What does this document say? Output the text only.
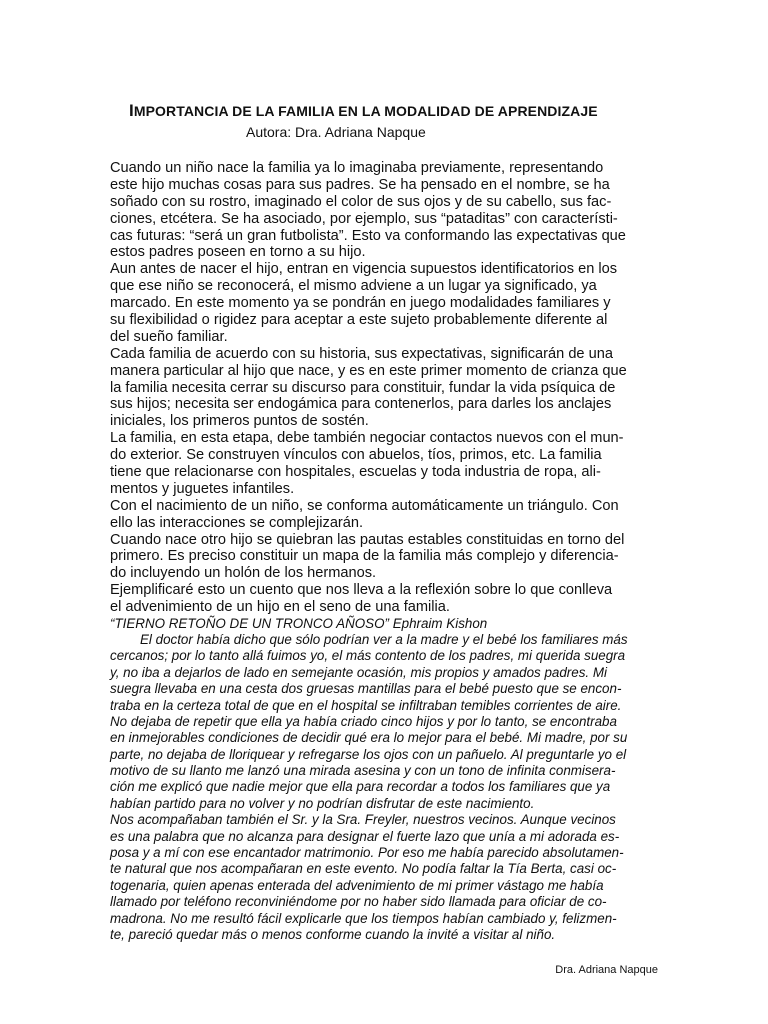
IMPORTANCIA DE LA FAMILIA EN LA MODALIDAD DE APRENDIZAJE
Autora: Dra. Adriana Napque
Cuando un niño nace la familia ya lo imaginaba previamente, representando
este hijo muchas cosas para sus padres. Se ha pensado en el nombre, se ha
soñado con su rostro, imaginado el color de sus ojos y de su cabello, sus fac-
ciones, etcétera. Se ha asociado, por ejemplo, sus “pataditas” con característi-
cas futuras: “será un gran futbolista”. Esto va conformando las expectativas que
estos padres poseen en torno a su hijo.
Aun antes de nacer el hijo, entran en vigencia supuestos identificatorios en los
que ese niño se reconocerá, el mismo adviene a un lugar ya significado, ya
marcado. En este momento ya se pondrán en juego modalidades familiares y
su flexibilidad o rigidez para aceptar a este sujeto probablemente diferente al
del sueño familiar.
Cada familia de acuerdo con su historia, sus expectativas, significarán de una
manera particular al hijo que nace, y es en este primer momento de crianza que
la familia necesita cerrar su discurso para constituir, fundar la vida psíquica de
sus hijos; necesita ser endogámica para contenerlos, para darles los anclajes
iniciales, los primeros puntos de sostén.
La familia, en esta etapa, debe también negociar contactos nuevos con el mun-
do exterior. Se construyen vínculos con abuelos, tíos, primos, etc. La familia
tiene que relacionarse con hospitales, escuelas y toda industria de ropa, ali-
mentos y juguetes infantiles.
Con el nacimiento de un niño, se conforma automáticamente un triángulo. Con
ello las interacciones se complejizarán.
Cuando nace otro hijo se quiebran las pautas estables constituidas en torno del
primero. Es preciso constituir un mapa de la familia más complejo y diferencia-
do incluyendo un holón de los hermanos.
Ejemplificaré esto un cuento que nos lleva a la reflexión sobre lo que conlleva
el advenimiento de un hijo en el seno de una familia.
“TIERNO RETOÑO DE UN TRONCO AÑOSO” Ephraim Kishon
El doctor había dicho que sólo podrían ver a la madre y el bebé los familiares más
cercanos; por lo tanto allá fuimos yo, el más contento de los padres, mi querida suegra
y, no iba a dejarlos de lado en semejante ocasión, mis propios y amados padres. Mi
suegra llevaba en una cesta dos gruesas mantillas para el bebé puesto que se encon-
traba en la certeza total de que en el hospital se infiltraban temibles corrientes de aire.
No dejaba de repetir que ella ya había criado cinco hijos y por lo tanto, se encontraba
en inmejorables condiciones de decidir qué era lo mejor para el bebé. Mi madre, por su
parte, no dejaba de lloriquear y refregarse los ojos con un pañuelo. Al preguntarle yo el
motivo de su llanto me lanzó una mirada asesina y con un tono de infinita conmisera-
ción me explicó que nadie mejor que ella para recordar a todos los familiares que ya
habían partido para no volver y no podrían disfrutar de este nacimiento.
Nos acompañaban también el Sr. y la Sra. Freyler, nuestros vecinos. Aunque vecinos
es una palabra que no alcanza para designar el fuerte lazo que unía a mi adorada es-
posa y a mí con ese encantador matrimonio. Por eso me había parecido absolutamen-
te natural que nos acompañaran en este evento. No podía faltar la Tía Berta, casi oc-
togenaria, quien apenas enterada del advenimiento de mi primer vástago me había
llamado por teléfono reconviniéndome por no haber sido llamada para oficiar de co-
madrona. No me resultó fácil explicarle que los tiempos habían cambiado y, felizmen-
te, pareció quedar más o menos conforme cuando la invité a visitar al niño.
Dra. Adriana Napque
